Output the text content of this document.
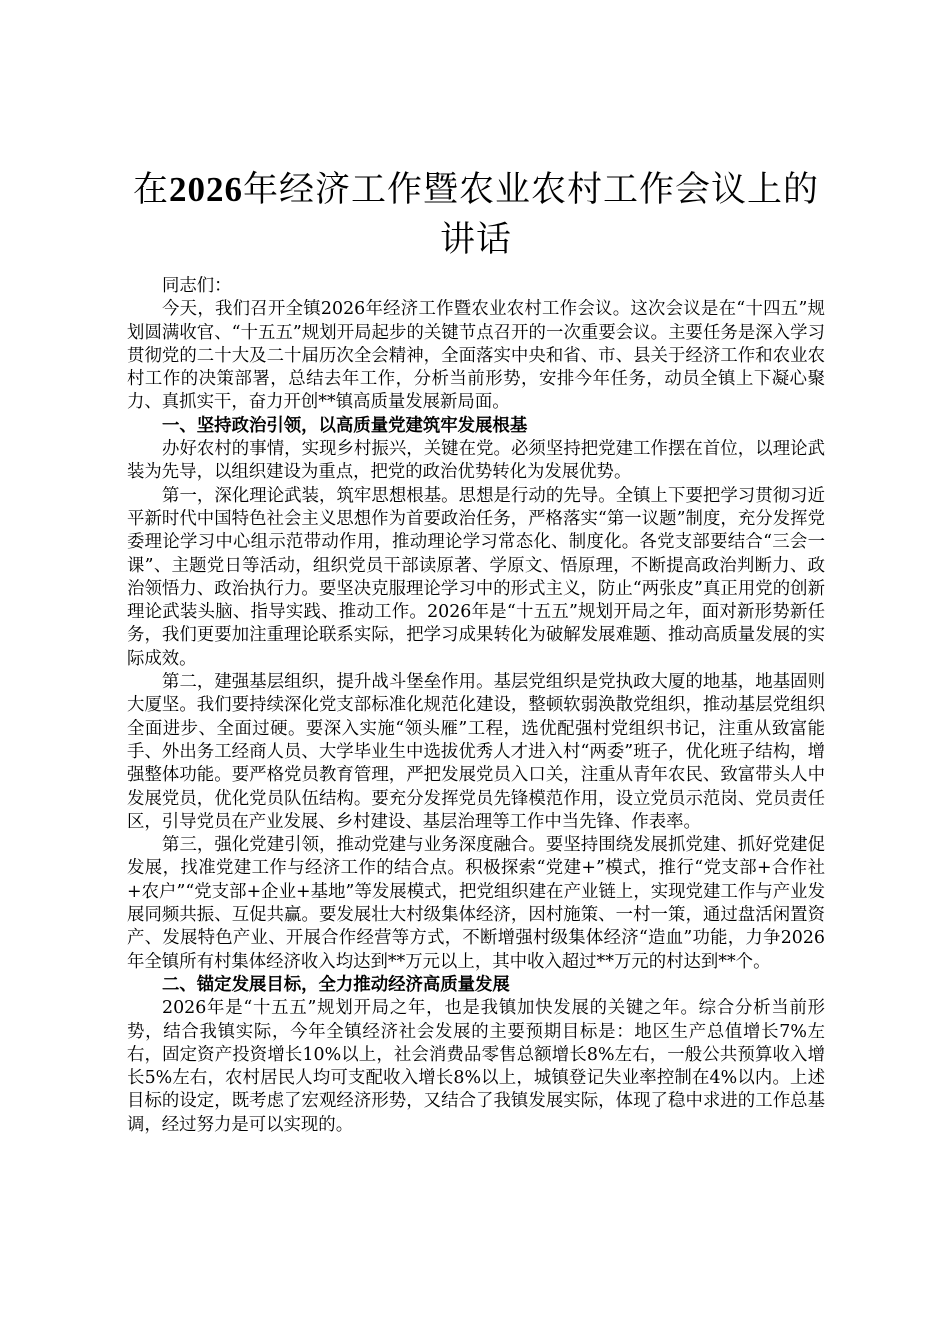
在2026年经济工作暨农业农村工作会议上的讲话

同志们：

今天，我们召开全镇2026年经济工作暨农业农村工作会议。这次会议是在“十四五”规划圆满收官、“十五五”规划开局起步的关键节点召开的一次重要会议。主要任务是深入学习贯彻党的二十大及二十届历次全会精神，全面落实中央和省、市、县关于经济工作和农业农村工作的决策部署，总结去年工作，分析当前形势，安排今年任务，动员全镇上下凝心聚力、真抓实干，奋力开创**镇高质量发展新局面。

一、坚持政治引领，以高质量党建筑牢发展根基

办好农村的事情，实现乡村振兴，关键在党。必须坚持把党建工作摆在首位，以理论武装为先导，以组织建设为重点，把党的政治优势转化为发展优势。

第一，深化理论武装，筑牢思想根基。思想是行动的先导。全镇上下要把学习贯彻习近平新时代中国特色社会主义思想作为首要政治任务，严格落实“第一议题”制度，充分发挥党委理论学习中心组示范带动作用，推动理论学习常态化、制度化。各党支部要结合“三会一课”、主题党日等活动，组织党员干部读原著、学原文、悟原理，不断提高政治判断力、政治领悟力、政治执行力。要坚决克服理论学习中的形式主义，防止“两张皮”真正用党的创新理论武装头脑、指导实践、推动工作。2026年是“十五五”规划开局之年，面对新形势新任务，我们更要加注重理论联系实际，把学习成果转化为破解发展难题、推动高质量发展的实际成效。

第二，建强基层组织，提升战斗堡垒作用。基层党组织是党执政大厦的地基，地基固则大厦坚。我们要持续深化党支部标准化规范化建设，整顿软弱涣散党组织，推动基层党组织全面进步、全面过硬。要深入实施“领头雁”工程，选优配强村党组织书记，注重从致富能手、外出务工经商人员、大学毕业生中选拔优秀人才进入村“两委”班子，优化班子结构，增强整体功能。要严格党员教育管理，严把发展党员入口关，注重从青年农民、致富带头人中发展党员，优化党员队伍结构。要充分发挥党员先锋模范作用，设立党员示范岗、党员责任区，引导党员在产业发展、乡村建设、基层治理等工作中当先锋、作表率。

第三，强化党建引领，推动党建与业务深度融合。要坚持围绕发展抓党建、抓好党建促发展，找准党建工作与经济工作的结合点。积极探索“党建+”模式，推行“党支部+合作社+农户”“党支部+企业+基地”等发展模式，把党组织建在产业链上，实现党建工作与产业发展同频共振、互促共赢。要发展壮大村级集体经济，因村施策、一村一策，通过盘活闲置资产、发展特色产业、开展合作经营等方式，不断增强村级集体经济“造血”功能，力争2026年全镇所有村集体经济收入均达到**万元以上，其中收入超过**万元的村达到**个。

二、锚定发展目标，全力推动经济高质量发展

2026年是“十五五”规划开局之年，也是我镇加快发展的关键之年。综合分析当前形势，结合我镇实际，今年全镇经济社会发展的主要预期目标是：地区生产总值增长7%左右，固定资产投资增长10%以上，社会消费品零售总额增长8%左右，一般公共预算收入增长5%左右，农村居民人均可支配收入增长8%以上，城镇登记失业率控制在4%以内。上述目标的设定，既考虑了宏观经济形势，又结合了我镇发展实际，体现了稳中求进的工作总基调，经过努力是可以实现的。
